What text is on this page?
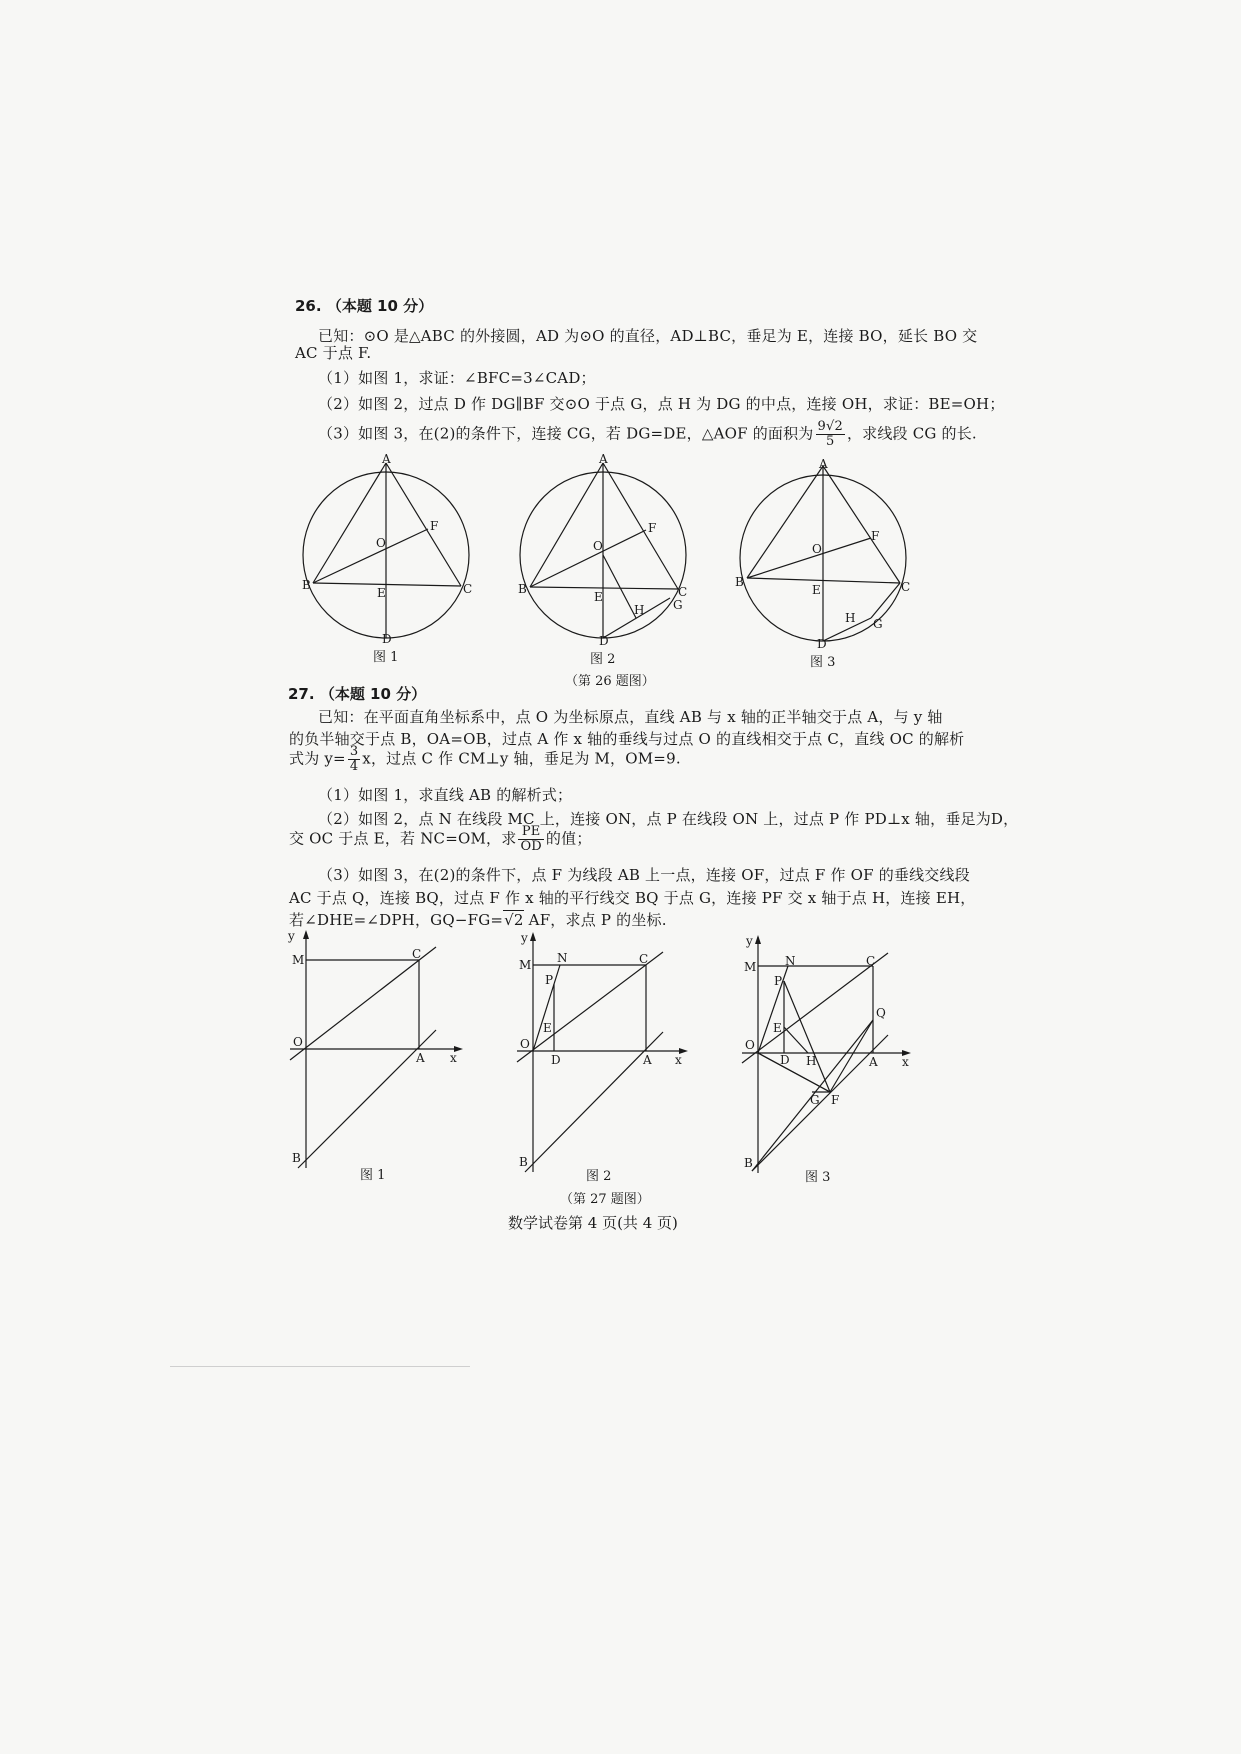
26. （本题 10 分）
已知：⊙O 是△ABC 的外接圆，AD 为⊙O 的直径，AD⊥BC，垂足为 E，连接 BO，延长 BO 交
AC 于点 F.
（1）如图 1，求证：∠BFC=3∠CAD；
（2）如图 2，过点 D 作 DG∥BF 交⊙O 于点 G，点 H 为 DG 的中点，连接 OH，求证：BE=OH；
（3）如图 3，在(2)的条件下，连接 CG，若 DG=DE，△AOF 的面积为 $\frac{9√2}{5}$ ，求线段 CG 的长.
A
B	C
D
E
F
O
图 1
A
B	C
D
E
F
G
H
O
图 2
A
B	C
D
E
F
G
H
O
图 3
（第 26 题图）
27. （本题 10 分）
已知：在平面直角坐标系中，点 O 为坐标原点，直线 AB 与 x 轴的正半轴交于点 A，与 y 轴
的负半轴交于点 B，OA=OB，过点 A 作 x 轴的垂线与过点 O 的直线相交于点 C，直线 OC 的解析
式为 $y= \frac{3}{4}$ x，过点 C 作 CM⊥y 轴，垂足为 M，OM=9.
（1）如图 1，求直线 AB 的解析式；
（2）如图 2，点 N 在线段 MC 上，连接 ON，点 P 在线段 ON 上，过点 P 作 PD⊥x 轴，垂足为D，
交 OC 于点 E，若 NC=OM，求 $\frac{PE}{OD}$ 的值；
（3）如图 3，在(2)的条件下，点 F 为线段 AB 上一点，连接 OF，过点 F 作 OF 的垂线交线段
AC 于点 Q，连接 BQ，过点 F 作 x 轴的平行线交 BQ 于点 G，连接 PF 交 x 轴于点 H，连接 EH，
若∠DHE=∠DPH，GQ−FG=√2 AF，求点 P 的坐标.
y
M	C
O
A x
B
图 1
y
M N	C
P
E
D
O
A x
B
图 2
（第 27 题图）
y
M N	C
P
E
D H
Q
A x
G F
O
B
图 3
数学试卷第 4 页(共 4 页)
